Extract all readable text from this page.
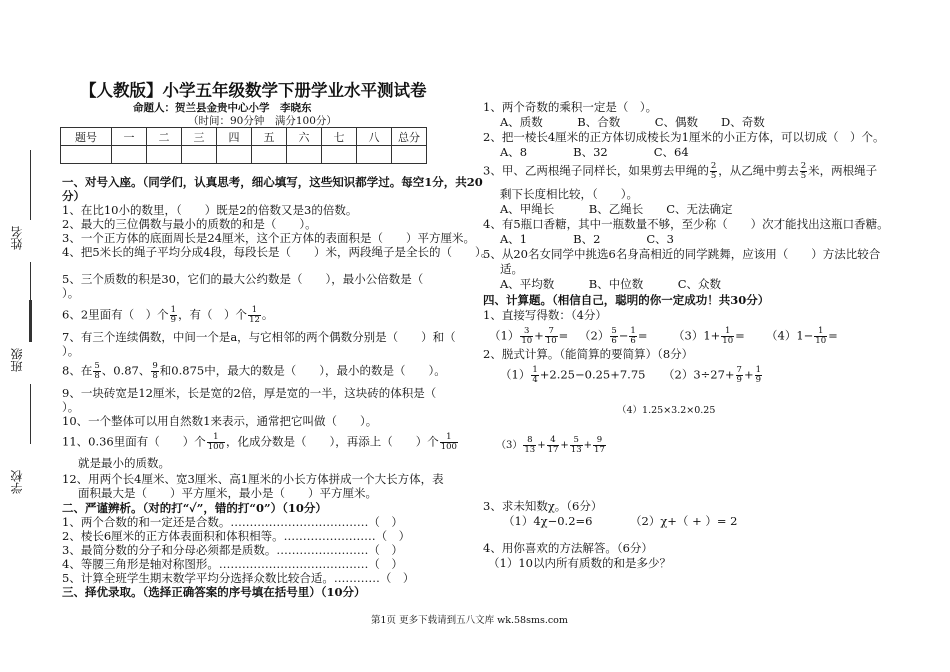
姓名
班级
学校
【人教版】小学五年级数学下册学业水平测试卷
命题人：贺兰县金贵中心小学　李晓东
（时间：90分钟　满分100分）
题号	一	二	三	四	五	六	七	八	总分

一、对号入座。（同学们，认真思考，细心填写，这些知识都学过。每空1分，共20
分）
1、在比10小的数里，（　　）既是2的倍数又是3的倍数。
2、最大的三位偶数与最小的质数的和是（　　）。
3、一个正方体的底面周长是24厘米，这个正方体的表面积是（　　）平方厘米。
4、把5米长的绳子平均分成4段，每段长是（　　）米，两段绳子是全长的（　　）。
5、三个质数的积是30，它们的最大公约数是（　　），最小公倍数是（
）。
6、2里面有（　）个 $\frac{1}{9}$ ，有（　）个 $\frac{1}{12}$ 。
7、有三个连续偶数，中间一个是a，与它相邻的两个偶数分别是（　　）和（
）。
8、在 $\frac{5}{8}$ 、0.87、 $\frac{9}{8}$ 和0.875中，最大的数是（　　），最小的数是（　　）。
9、一块砖宽是12厘米，长是宽的2倍，厚是宽的一半，这块砖的体积是（
）。
10、一个整体可以用自然数1来表示，通常把它叫做（　　）。
11、0.36里面有（　　）个 $\frac{1}{100}$ ，化成分数是（　　），再添上（　　）个 $\frac{1}{100}$
就是最小的质数。
12、用两个长4厘米、宽3厘米、高1厘米的小长方体拼成一个大长方体，表
面积最大是（　　）平方厘米，最小是（　　）平方厘米。
二、严谨辨析。（对的打“✓”，错的打“0”）（10分）
1、两个合数的和一定还是合数。………………………………（　）
2、棱长6厘米的正方体表面积和体积相等。……………………（　）
3、最简分数的分子和分母必须都是质数。……………………（　）
4、等腰三角形是轴对称图形。…………………………………（　）
5、计算全班学生期末数学平均分选择众数比较合适。…………（　）
三、择优录取。（选择正确答案的序号填在括号里）（10分）
1、两个奇数的乘积一定是（　）。
A、质数　　　B、合数　　　C、偶数　　D、奇数
2、把一棱长4厘米的正方体切成棱长为1厘米的小正方体，可以切成（　）个。
A、8　　　　B、32　　　　C、64
3、甲、乙两根绳子同样长，如果剪去甲绳的 $\frac{2}{5}$ ，从乙绳中剪去 $\frac{2}{5}$ 米，两根绳子
剩下长度相比较，（　　）。
A、甲绳长　　　B、乙绳长　　C、无法确定
4、有5瓶口香糖，其中一瓶数量不够，至少称（　　）次才能找出这瓶口香糖。
A、1　　　　B、2　　　　C、3
5、从20名女同学中挑选6名身高相近的同学跳舞，应该用（　　）方法比较合
适。
A、平均数　　　B、中位数　　　C、众数
四、计算题。（相信自己，聪明的你一定成功！共30分）
1、直接写得数：（4分）
$(1) \frac{3}{10} + \frac{7}{10} = (2) \frac{5}{6} - \frac{1}{6} = (3)1+ \frac{1}{10} = (4)1- \frac{1}{10}$ =
2、脱式计算。（能简算的要简算）（8分）
$(1) \frac{1}{4} +2.25-0.25+7.75$ $(2)3\div 27+ \frac{7}{9} + \frac{1}{9}$
$(3) \frac{8}{13} + \frac{4}{17} + \frac{5}{13} + \frac{9}{17}$
（4）1.25×3.2×0.25
3、求未知数χ。（6分）
（1）4χ−0.2=6	（2）χ+（ + ）= 2
4、用你喜欢的方法解答。（6分）
（1）10以内所有质数的和是多少？
第1页 更多下载请到五八文库 wk.58sms.com
